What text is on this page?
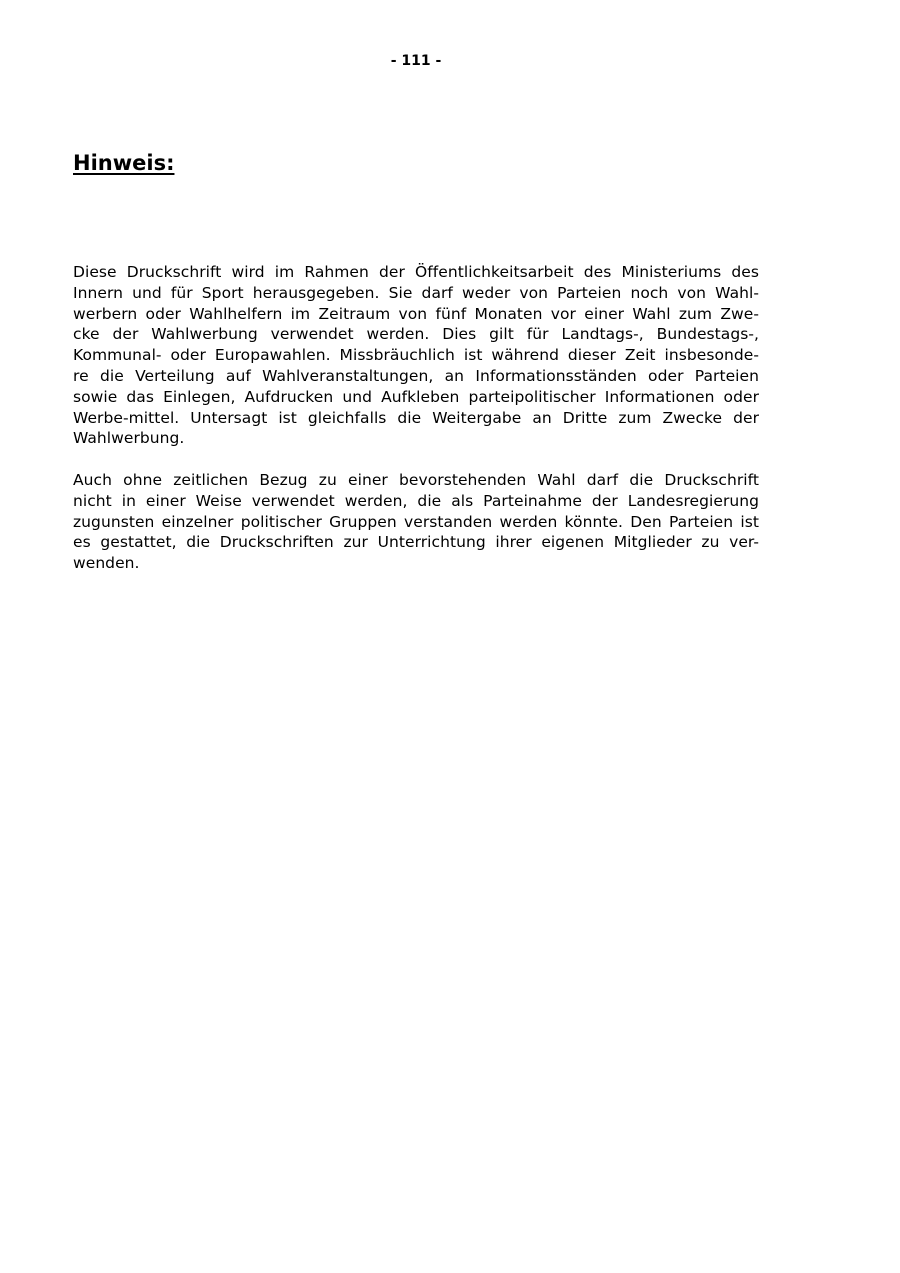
- 111 -
Hinweis:

Diese Druckschrift wird im Rahmen der Öffentlichkeitsarbeit des Ministeriums des
Innern und für Sport herausgegeben. Sie darf weder von Parteien noch von Wahl-
werbern oder Wahlhelfern im Zeitraum von fünf Monaten vor einer Wahl zum Zwe-
cke der Wahlwerbung verwendet werden. Dies gilt für Landtags-, Bundestags-,
Kommunal- oder Europawahlen. Missbräuchlich ist während dieser Zeit insbesonde-
re die Verteilung auf Wahlveranstaltungen, an Informationsständen oder Parteien
sowie das Einlegen, Aufdrucken und Aufkleben parteipolitischer Informationen oder
Werbe-mittel. Untersagt ist gleichfalls die Weitergabe an Dritte zum Zwecke der
Wahlwerbung.

Auch ohne zeitlichen Bezug zu einer bevorstehenden Wahl darf die Druckschrift
nicht in einer Weise verwendet werden, die als Parteinahme der Landesregierung
zugunsten einzelner politischer Gruppen verstanden werden könnte. Den Parteien ist
es gestattet, die Druckschriften zur Unterrichtung ihrer eigenen Mitglieder zu ver-
wenden.
